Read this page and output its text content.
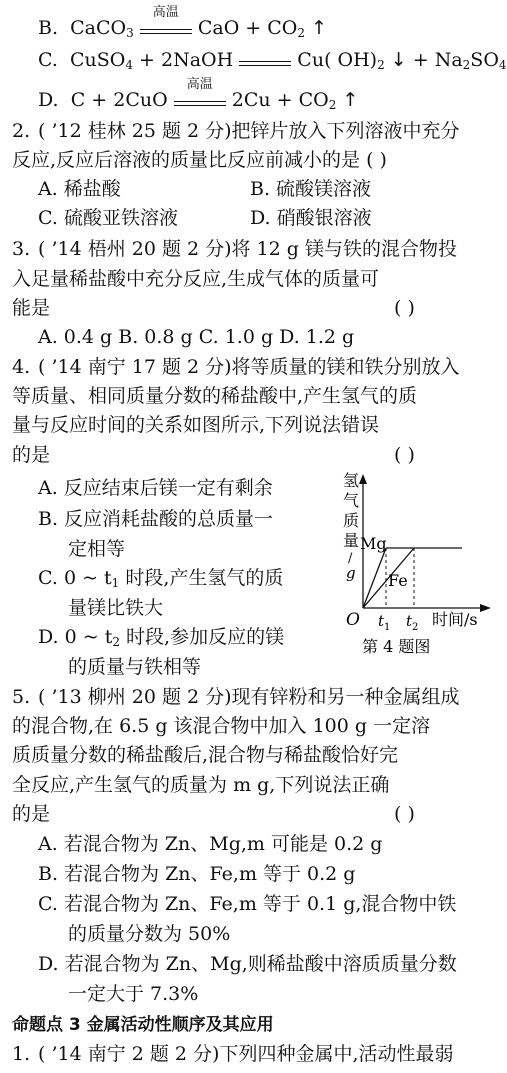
B. CaCO$_3$
高温
CaO + $CO_2$ ↑
C. CuSO$_4$ + 2NaOH	Cu( $OH)_2$ ↓ + $Na_2SO_4$
D. C + 2CuO
高温
$2Cu + CO_2$ ↑
2. ( ’12 桂林 25 题 2 分)把锌片放入下列溶液中充分
反应,反应后溶液的质量比反应前减小的是 ( )
A. 稀盐酸	B. 硫酸镁溶液
C. 硫酸亚铁溶液	D. 硝酸银溶液
3. ( ’14 梧州 20 题 2 分)将 12 g 镁与铁的混合物投
入足量稀盐酸中充分反应,生成气体的质量可
能是	( )
A. 0.4 g B. 0.8 g C. 1.0 g D. 1.2 g
4. ( ’14 南宁 17 题 2 分)将等质量的镁和铁分别放入
等质量、相同质量分数的稀盐酸中,产生氢气的质
量与反应时间的关系如图所示,下列说法错误
的是	( )
A. 反应结束后镁一定有剩余
B. 反应消耗盐酸的总质量一
定相等
C. 0 ~ $t_1$ 时段,产生氢气的质
量镁比铁大
D. 0 ~ $t_2$ 时段,参加反应的镁
的质量与铁相等
氢
气
质
量
/
g
Mg
Fe
O t 1 t 2 时间/s
第 4 题图
5. ( ’13 柳州 20 题 2 分)现有锌粉和另一种金属组成
的混合物,在 6.5 g 该混合物中加入 100 g 一定溶
质质量分数的稀盐酸后,混合物与稀盐酸恰好完
全反应,产生氢气的质量为 m g,下列说法正确
的是	( )
A. 若混合物为 Zn、Mg,m 可能是 0.2 g
B. 若混合物为 Zn、Fe,m 等于 0.2 g
C. 若混合物为 Zn、Fe,m 等于 0.1 g,混合物中铁
的质量分数为 50%
D. 若混合物为 Zn、Mg,则稀盐酸中溶质质量分数
一定大于 7.3%
命题点 3 金属活动性顺序及其应用
1. ( ’14 南宁 2 题 2 分)下列四种金属中,活动性最弱
